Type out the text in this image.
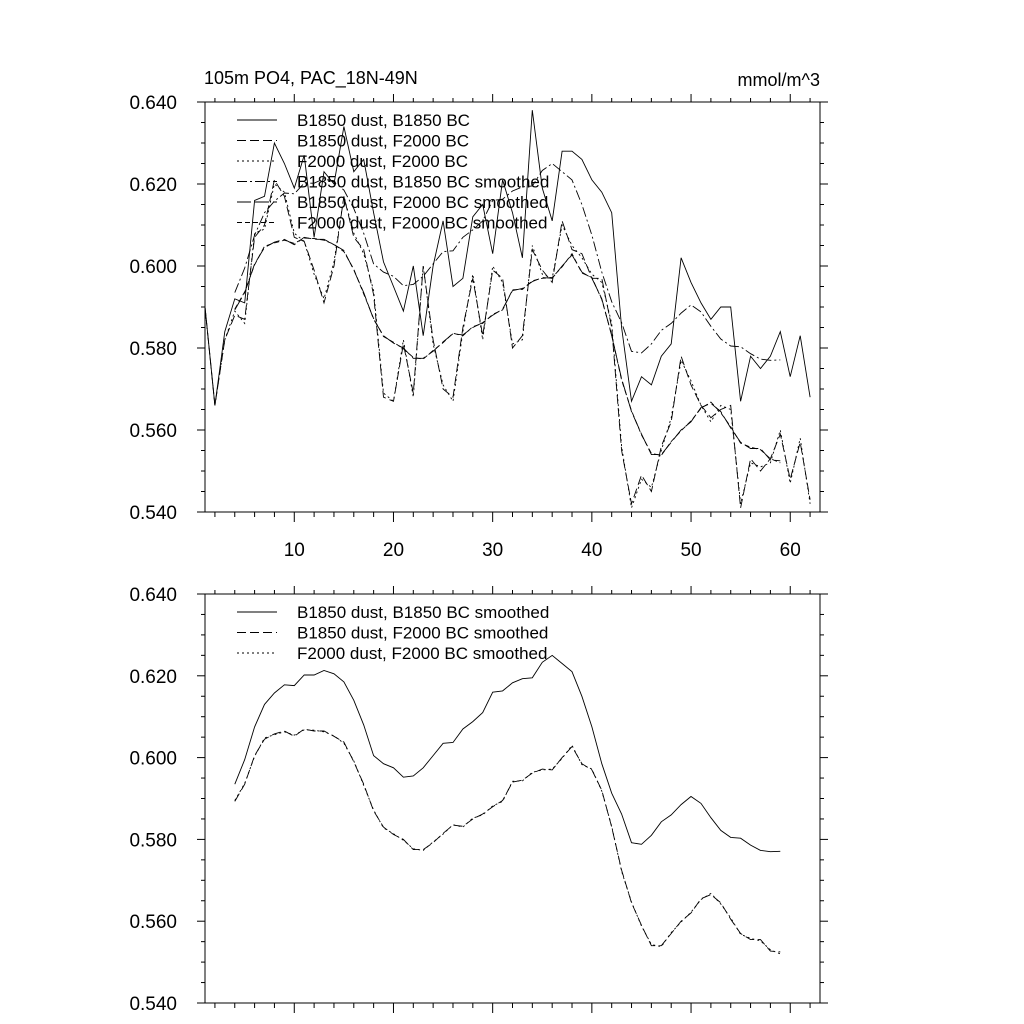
105m PO4, PAC_18N-49N	mmol/m^3
0.540
0.560
0.580
0.600
0.620
0.640
10	20	30	40	50	60
B1850 dust, B1850 BC
B1850 dust, F2000 BC
F2000 dust, F2000 BC
B1850 dust, B1850 BC smoothed
B1850 dust, F2000 BC smoothed
F2000 dust, F2000 BC smoothed
0.540
0.560
0.580
0.600
0.620
0.640
B1850 dust, B1850 BC smoothed
B1850 dust, F2000 BC smoothed
F2000 dust, F2000 BC smoothed
